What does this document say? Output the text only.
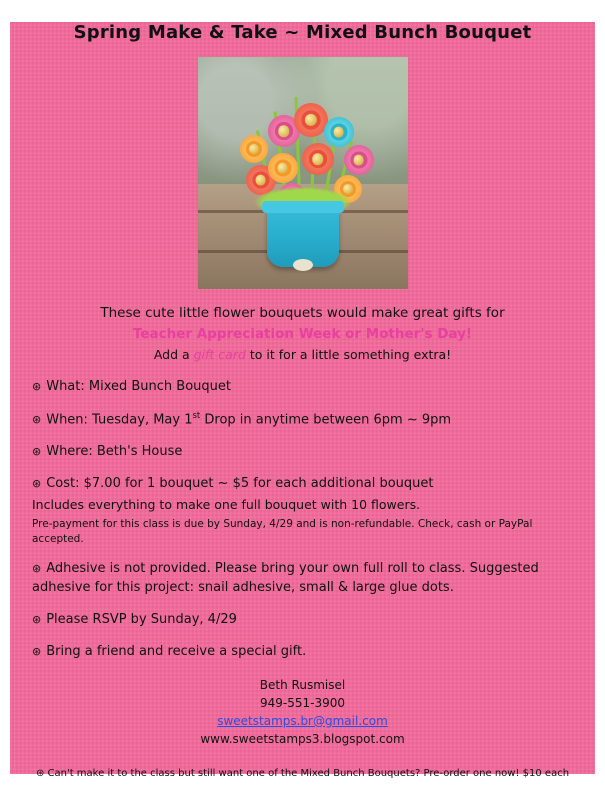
Spring Make & Take ~ Mixed Bunch Bouquet
These cute little flower bouquets would make great gifts for
Teacher Appreciation Week or Mother's Day!
Add a gift card to it for a little something extra!
⊛ What: Mixed Bunch Bouquet
⊛ When: Tuesday, May 1st Drop in anytime between 6pm ~ 9pm
⊛ Where: Beth's House
⊛ Cost: $7.00 for 1 bouquet ~ $5 for each additional bouquet
Includes everything to make one full bouquet with 10 flowers.
Pre-payment for this class is due by Sunday, 4/29 and is non-refundable. Check, cash or PayPal accepted.
⊛ Adhesive is not provided. Please bring your own full roll to class. Suggested adhesive for this project: snail adhesive, small & large glue dots.
⊛ Please RSVP by Sunday, 4/29
⊛ Bring a friend and receive a special gift.
Beth Rusmisel
949-551-3900
sweetstamps.br@gmail.com
www.sweetstamps3.blogspot.com
⊛ Can't make it to the class but still want one of the Mixed Bunch Bouquets? Pre-order one now! $10 each
